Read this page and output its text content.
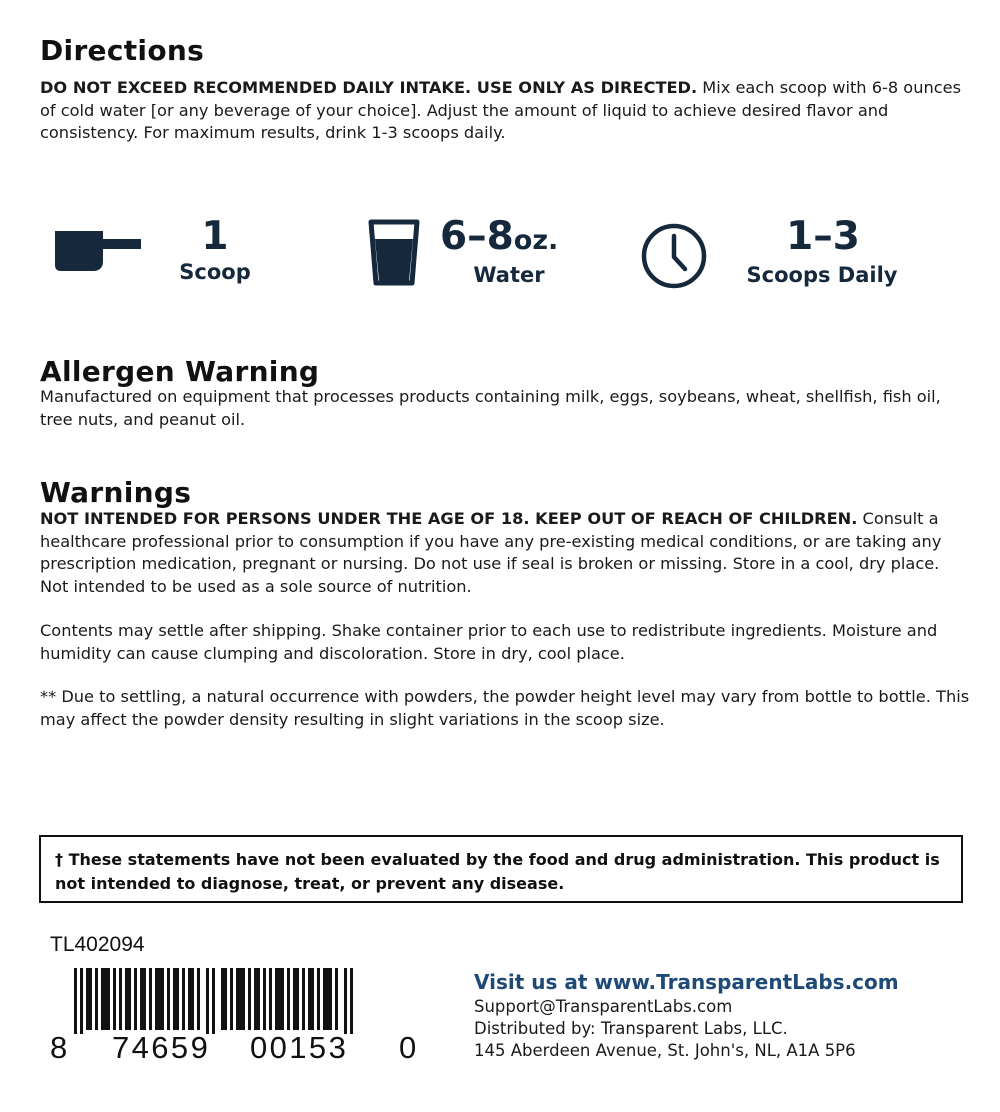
Directions

DO NOT EXCEED RECOMMENDED DAILY INTAKE. USE ONLY AS DIRECTED. Mix each scoop with 6-8 ounces of cold water [or any beverage of your choice]. Adjust the amount of liquid to achieve desired flavor and consistency. For maximum results, drink 1-3 scoops daily.

1
Scoop
6–8oz.
Water
1–3
Scoops Daily
Allergen Warning

Manufactured on equipment that processes products containing milk, eggs, soybeans, wheat, shellfish, fish oil, tree nuts, and peanut oil.

Warnings

NOT INTENDED FOR PERSONS UNDER THE AGE OF 18. KEEP OUT OF REACH OF CHILDREN. Consult a healthcare professional prior to consumption if you have any pre-existing medical conditions, or are taking any prescription medication, pregnant or nursing. Do not use if seal is broken or missing. Store in a cool, dry place. Not intended to be used as a sole source of nutrition.

Contents may settle after shipping. Shake container prior to each use to redistribute ingredients. Moisture and humidity can cause clumping and discoloration. Store in dry, cool place.

** Due to settling, a natural occurrence with powders, the powder height level may vary from bottle to bottle. This may affect the powder density resulting in slight variations in the scoop size.

† These statements have not been evaluated by the food and drug administration. This product is not intended to diagnose, treat, or prevent any disease.

TL402094

8 74659 00153 0

Visit us at www.TransparentLabs.com

Support@TransparentLabs.com

Distributed by: Transparent Labs, LLC.

145 Aberdeen Avenue, St. John's, NL, A1A 5P6
